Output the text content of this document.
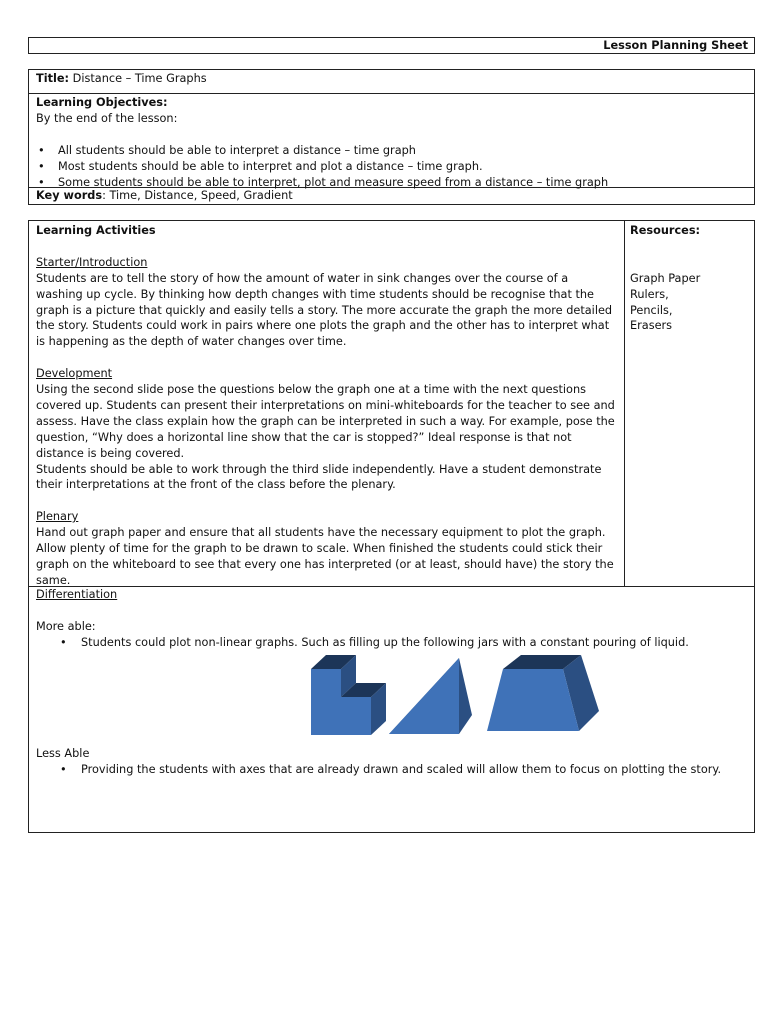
Lesson Planning Sheet
Title: Distance – Time Graphs

Learning Objectives:

By the end of the lesson:

• All students should be able to interpret a distance – time graph
• Most students should be able to interpret and plot a distance – time graph.
• Some students should be able to interpret, plot and measure speed from a distance – time graph
Key words: Time, Distance, Speed, Gradient

Learning Activities

Starter/Introduction

Students are to tell the story of how the amount of water in sink changes over the course of a washing up cycle. By thinking how depth changes with time students should be recognise that the graph is a picture that quickly and easily tells a story. The more accurate the graph the more detailed the story. Students could work in pairs where one plots the graph and the other has to interpret what is happening as the depth of water changes over time.

Development

Using the second slide pose the questions below the graph one at a time with the next questions covered up. Students can present their interpretations on mini-whiteboards for the teacher to see and assess. Have the class explain how the graph can be interpreted in such a way. For example, pose the question, “Why does a horizontal line show that the car is stopped?” Ideal response is that not distance is being covered.

Students should be able to work through the third slide independently. Have a student demonstrate their interpretations at the front of the class before the plenary.

Plenary

Hand out graph paper and ensure that all students have the necessary equipment to plot the graph. Allow plenty of time for the graph to be drawn to scale. When finished the students could stick their graph on the whiteboard to see that every one has interpreted (or at least, should have) the story the same.

Resources:

Graph Paper

Rulers,

Pencils,

Erasers

Differentiation

More able:

• Students could plot non-linear graphs. Such as filling up the following jars with a constant pouring of liquid.

Less Able

• Providing the students with axes that are already drawn and scaled will allow them to focus on plotting the story.
